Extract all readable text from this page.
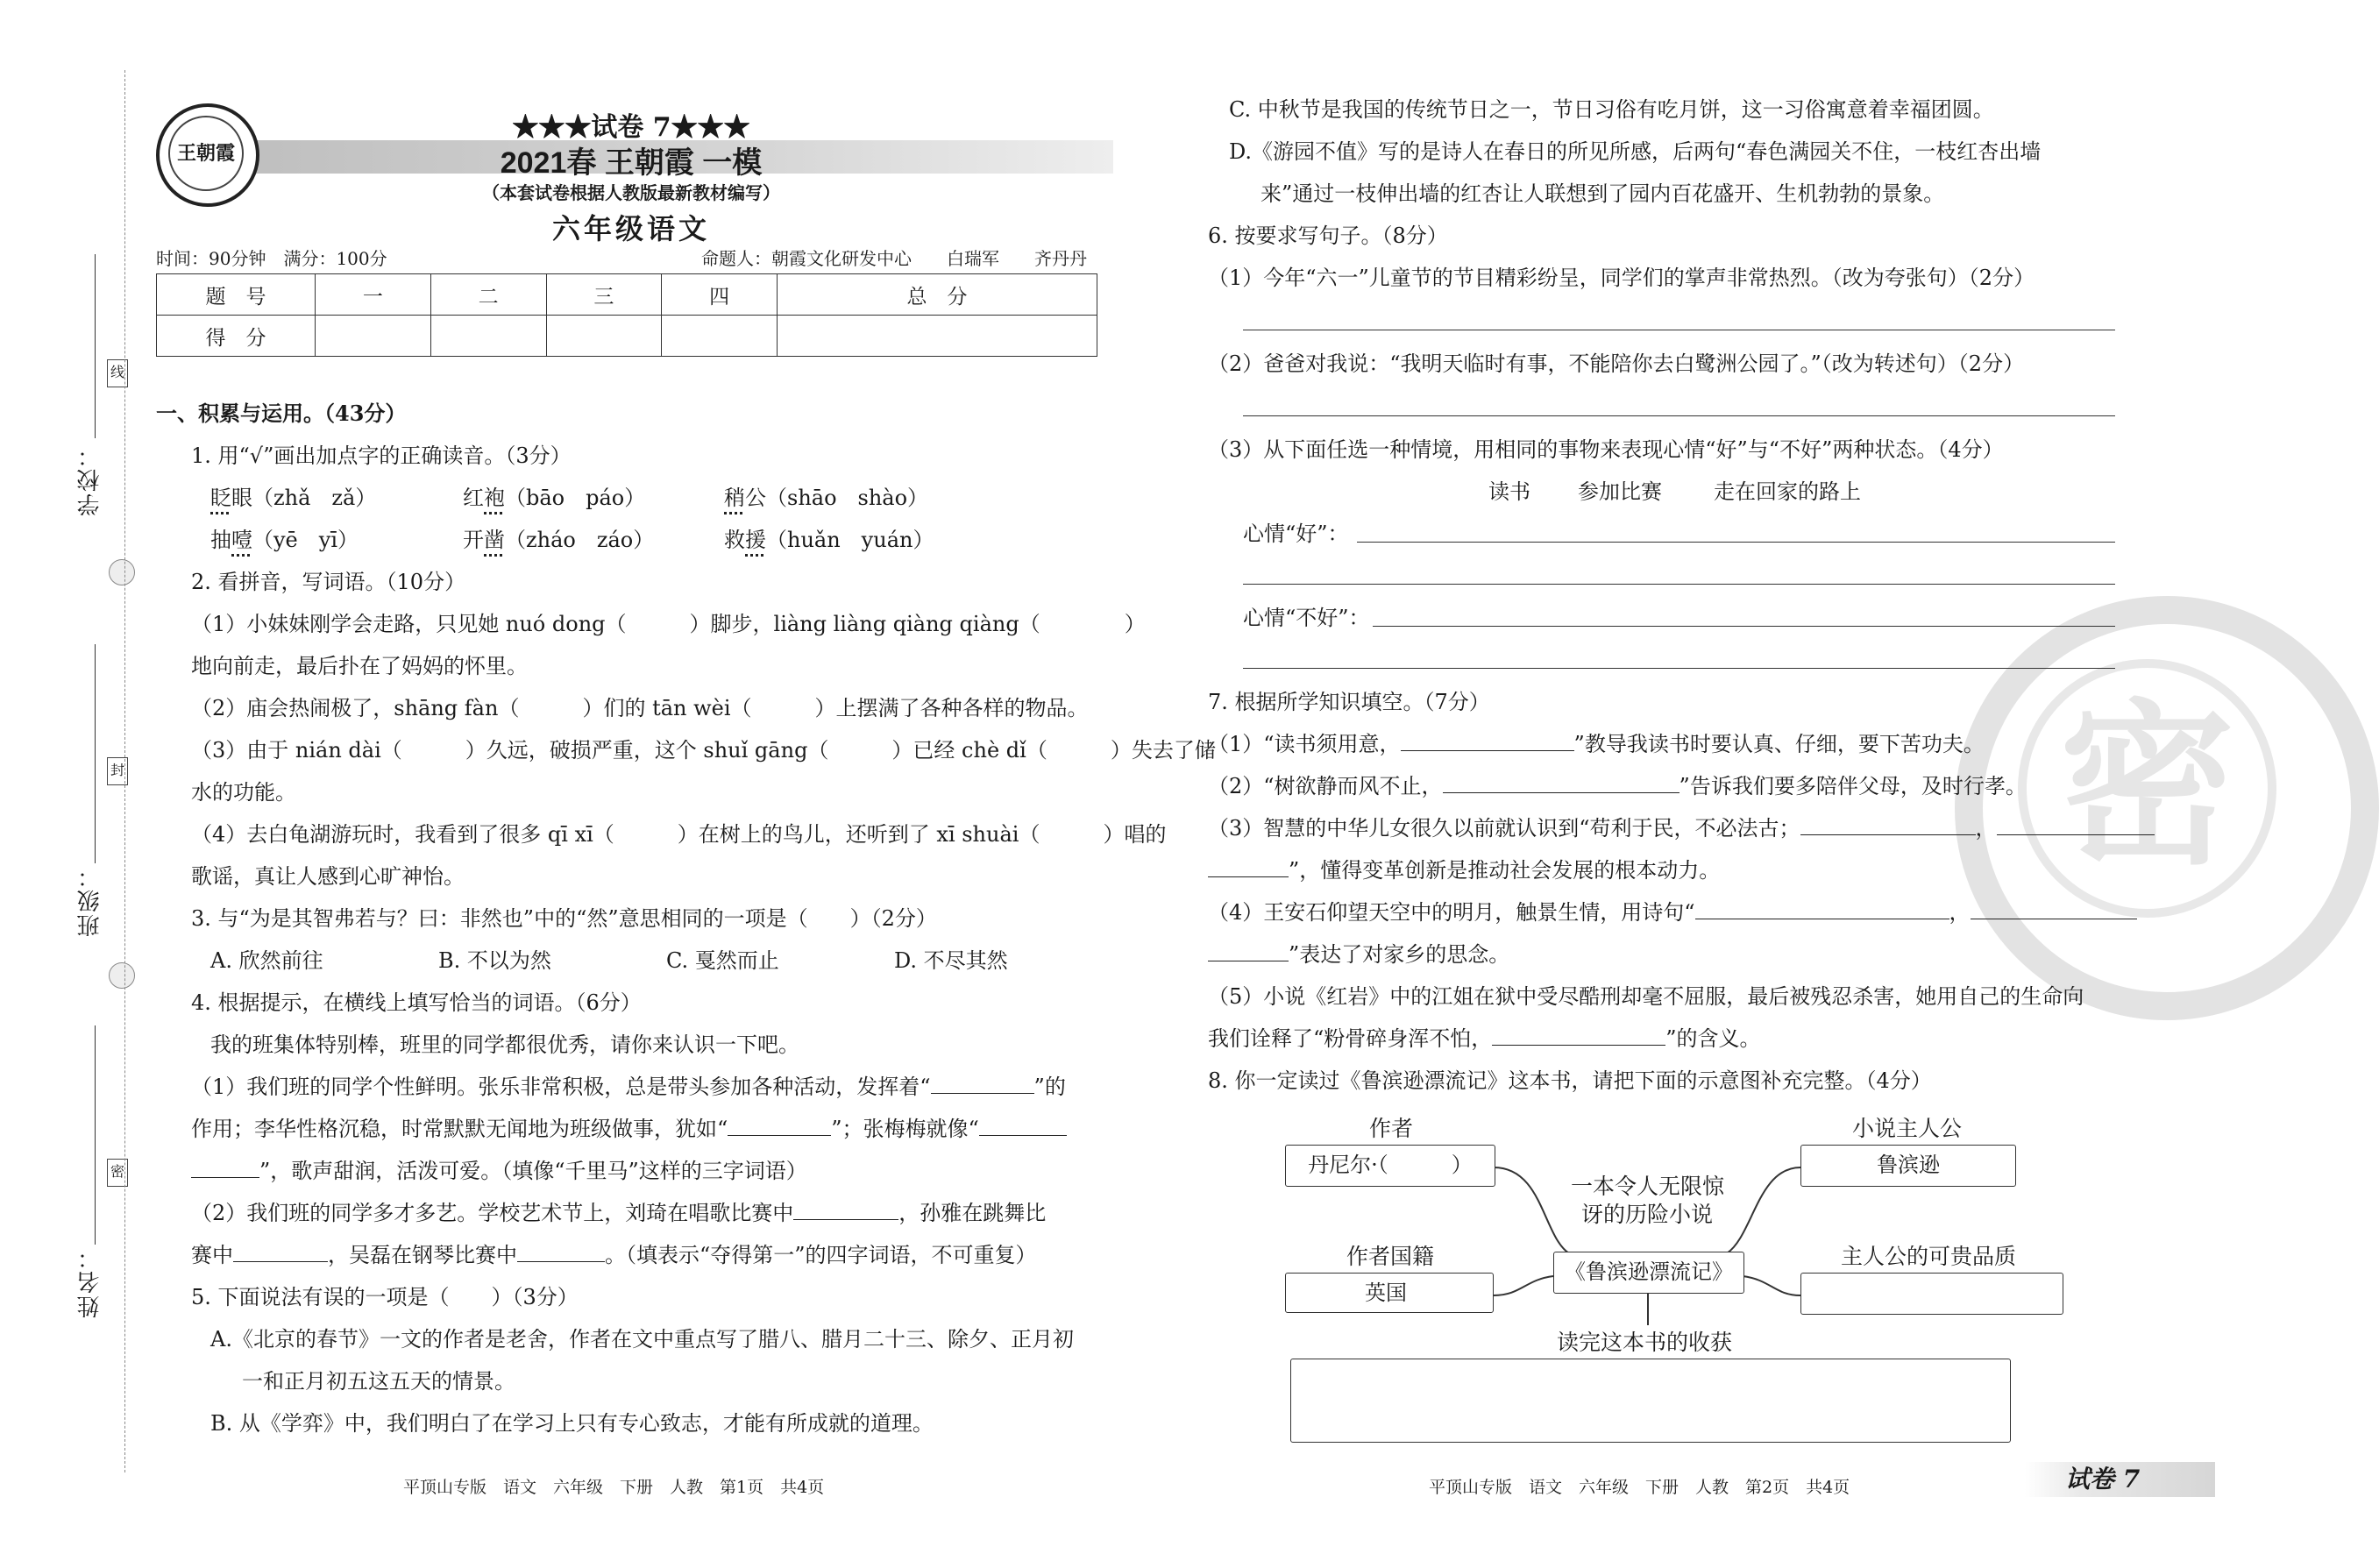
学校：
线
班级：
封
姓名：
密
王朝霞
★★★试卷 7★★★
2021春 王朝霞 一模
（本套试卷根据人教版最新教材编写）
六年级语文
时间：90分钟　满分：100分	命题人：朝霞文化研发中心　　白瑞军　　齐丹丹
题　号	一	二	三	四	总　分
得　分					
一、积累与运用。（43分）
1. 用“√”画出加点字的正确读音。（3分）
眨眼（zhǎ　zǎ）	红袍（bāo　páo）	稍公（shāo　shào）
抽噎（yē　yī）	开凿（zháo　záo）	救援（huǎn　yuán）
2. 看拼音，写词语。（10分）
（1）小妹妹刚学会走路，只见她 nuó dong（　　　）脚步，liàng liàng qiàng qiàng（　　　　）
地向前走，最后扑在了妈妈的怀里。
（2）庙会热闹极了，shāng fàn（　　　）们的 tān wèi（　　　）上摆满了各种各样的物品。
（3）由于 nián dài（　　　）久远，破损严重，这个 shuǐ gāng（　　　）已经 chè dǐ（　　　）失去了储
水的功能。
（4）去白龟湖游玩时，我看到了很多 qī xī（　　　）在树上的鸟儿，还听到了 xī shuài（　　　）唱的
歌谣，真让人感到心旷神怡。
3. 与“为是其智弗若与？曰：非然也”中的“然”意思相同的一项是（　　）（2分）
A. 欣然前往	B. 不以为然	C. 戛然而止	D. 不尽其然
4. 根据提示，在横线上填写恰当的词语。（6分）
我的班集体特别棒，班里的同学都很优秀，请你来认识一下吧。
（1）我们班的同学个性鲜明。张乐非常积极，总是带头参加各种活动，发挥着“	”的
作用；李华性格沉稳，时常默默无闻地为班级做事，犹如“	”；张梅梅就像“
”，歌声甜润，活泼可爱。（填像“千里马”这样的三字词语）
（2）我们班的同学多才多艺。学校艺术节上，刘琦在唱歌比赛中	，孙雅在跳舞比
赛中	，吴磊在钢琴比赛中	。（填表示“夺得第一”的四字词语，不可重复）
5. 下面说法有误的一项是（　　）（3分）
A.《北京的春节》一文的作者是老舍，作者在文中重点写了腊八、腊月二十三、除夕、正月初
一和正月初五这五天的情景。
B. 从《学弈》中，我们明白了在学习上只有专心致志，才能有所成就的道理。
平顶山专版　语文　六年级　下册　人教　第1页　共4页
密
C. 中秋节是我国的传统节日之一，节日习俗有吃月饼，这一习俗寓意着幸福团圆。
D.《游园不值》写的是诗人在春日的所见所感，后两句“春色满园关不住，一枝红杏出墙
来”通过一枝伸出墙的红杏让人联想到了园内百花盛开、生机勃勃的景象。
6. 按要求写句子。（8分）
（1）今年“六一”儿童节的节目精彩纷呈，同学们的掌声非常热烈。（改为夸张句）（2分）
（2）爸爸对我说：“我明天临时有事，不能陪你去白鹭洲公园了。”（改为转述句）（2分）
（3）从下面任选一种情境，用相同的事物来表现心情“好”与“不好”两种状态。（4分）
读书 参加比赛 走在回家的路上
心情“好”：
心情“不好”：
7. 根据所学知识填空。（7分）
（1）“读书须用意，	”教导我读书时要认真、仔细，要下苦功夫。
（2）“树欲静而风不止，	”告诉我们要多陪伴父母，及时行孝。
（3）智慧的中华儿女很久以前就认识到“苟利于民，不必法古；	，
”，懂得变革创新是推动社会发展的根本动力。
（4）王安石仰望天空中的明月，触景生情，用诗句“	，
”表达了对家乡的思念。
（5）小说《红岩》中的江姐在狱中受尽酷刑却毫不屈服，最后被残忍杀害，她用自己的生命向
我们诠释了“粉骨碎身浑不怕，	”的含义。
8. 你一定读过《鲁滨逊漂流记》这本书，请把下面的示意图补充完整。（4分）
作者
丹尼尔·（　　　）
小说主人公
鲁滨逊
一本令人无限惊
讶的历险小说
作者国籍
英国
《鲁滨逊漂流记》
主人公的可贵品质
读完这本书的收获
平顶山专版　语文　六年级　下册　人教　第2页　共4页	试卷 7
